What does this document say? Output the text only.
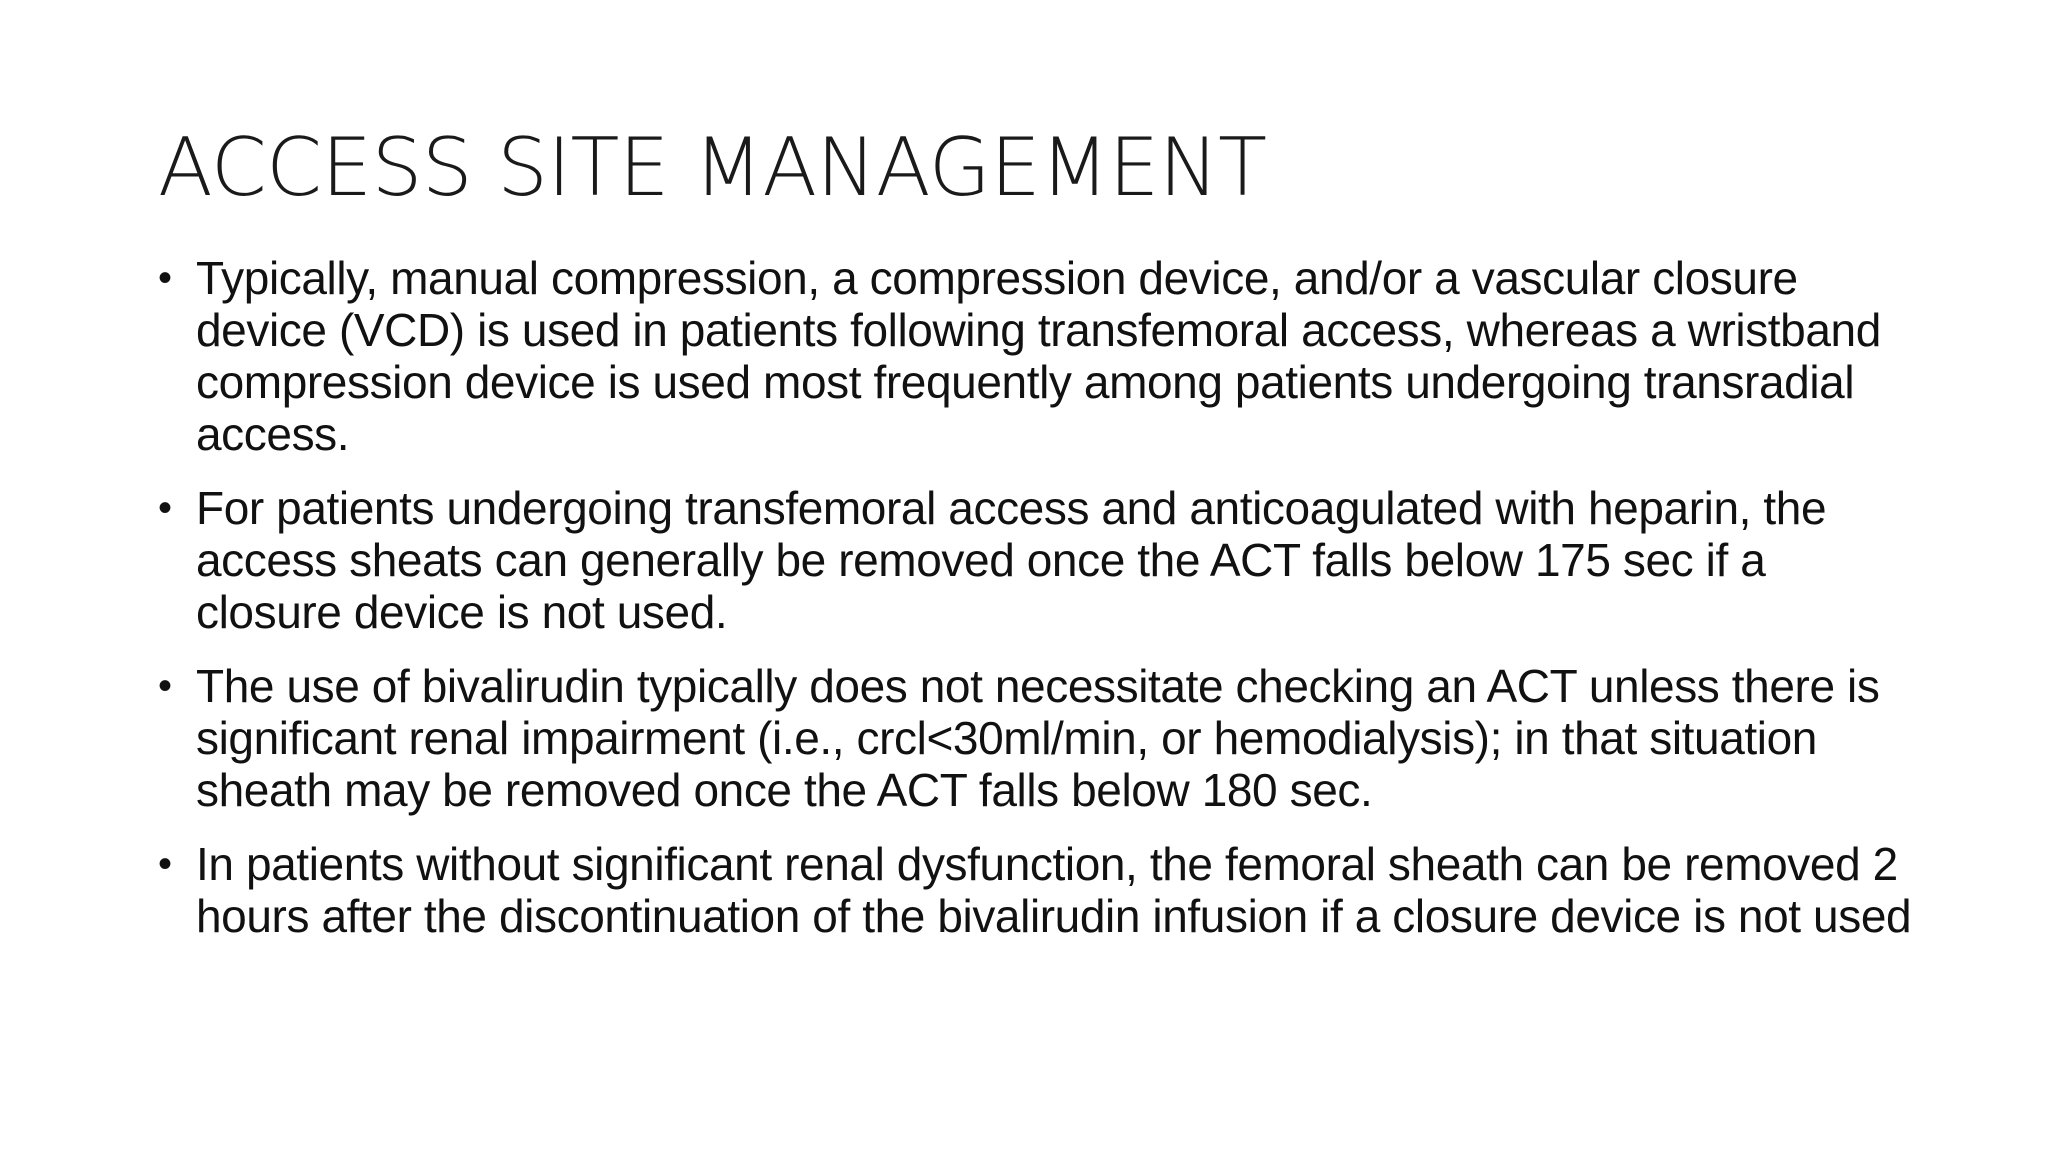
ACCESS SITE MANAGEMENT
• Typically, manual compression, a compression device, and/or a vascular closure device (VCD) is used in patients following transfemoral access, whereas a wristband compression device is used most frequently among patients undergoing transradial access.
• For patients undergoing transfemoral access and anticoagulated with heparin, the access sheats can generally be removed once the ACT falls below 175 sec if a closure device is not used.
• The use of bivalirudin typically does not necessitate checking an ACT unless there is significant renal impairment (i.e., crcl<30ml/min, or hemodialysis); in that situation sheath may be removed once the ACT falls below 180 sec.
• In patients without significant renal dysfunction, the femoral sheath can be removed 2 hours after the discontinuation of the bivalirudin infusion if a closure device is not used
